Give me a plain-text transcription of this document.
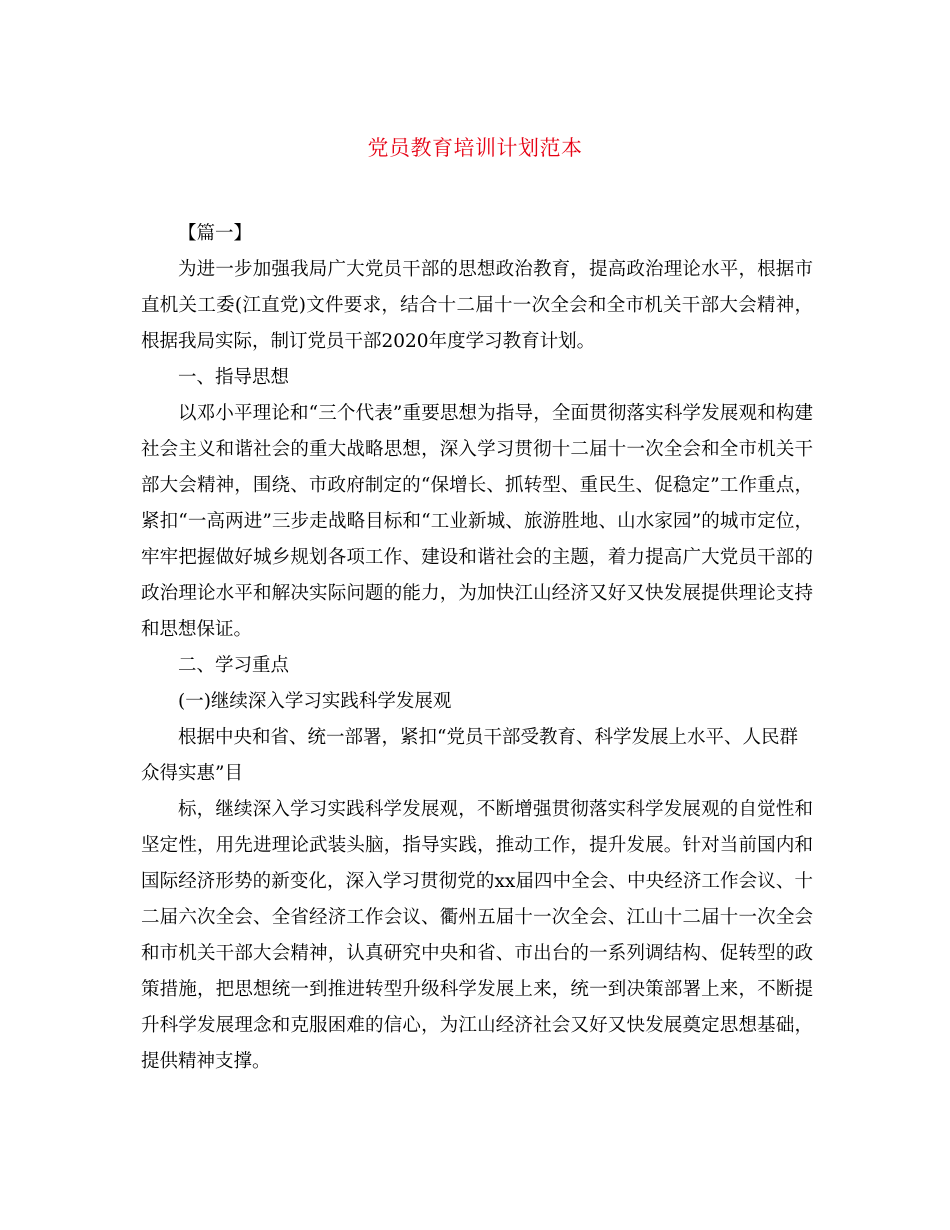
党员教育培训计划范本

【篇一】

为进一步加强我局广大党员干部的思想政治教育，提高政治理论水平，根据市直机关工委(江直党)文件要求，结合十二届十一次全会和全市机关干部大会精神，根据我局实际，制订党员干部2020年度学习教育计划。

一、指导思想

以邓小平理论和“三个代表”重要思想为指导，全面贯彻落实科学发展观和构建社会主义和谐社会的重大战略思想，深入学习贯彻十二届十一次全会和全市机关干部大会精神，围绕、市政府制定的“保增长、抓转型、重民生、促稳定”工作重点，紧扣“一高两进”三步走战略目标和“工业新城、旅游胜地、山水家园”的城市定位，牢牢把握做好城乡规划各项工作、建设和谐社会的主题，着力提高广大党员干部的政治理论水平和解决实际问题的能力，为加快江山经济又好又快发展提供理论支持和思想保证。

二、学习重点

(一)继续深入学习实践科学发展观

根据中央和省、统一部署，紧扣“党员干部受教育、科学发展上水平、人民群众得实惠”目

标，继续深入学习实践科学发展观，不断增强贯彻落实科学发展观的自觉性和坚定性，用先进理论武装头脑，指导实践，推动工作，提升发展。针对当前国内和国际经济形势的新变化，深入学习贯彻党的xx届四中全会、中央经济工作会议、十二届六次全会、全省经济工作会议、衢州五届十一次全会、江山十二届十一次全会和市机关干部大会精神，认真研究中央和省、市出台的一系列调结构、促转型的政策措施，把思想统一到推进转型升级科学发展上来，统一到决策部署上来，不断提升科学发展理念和克服困难的信心，为江山经济社会又好又快发展奠定思想基础，提供精神支撑。
